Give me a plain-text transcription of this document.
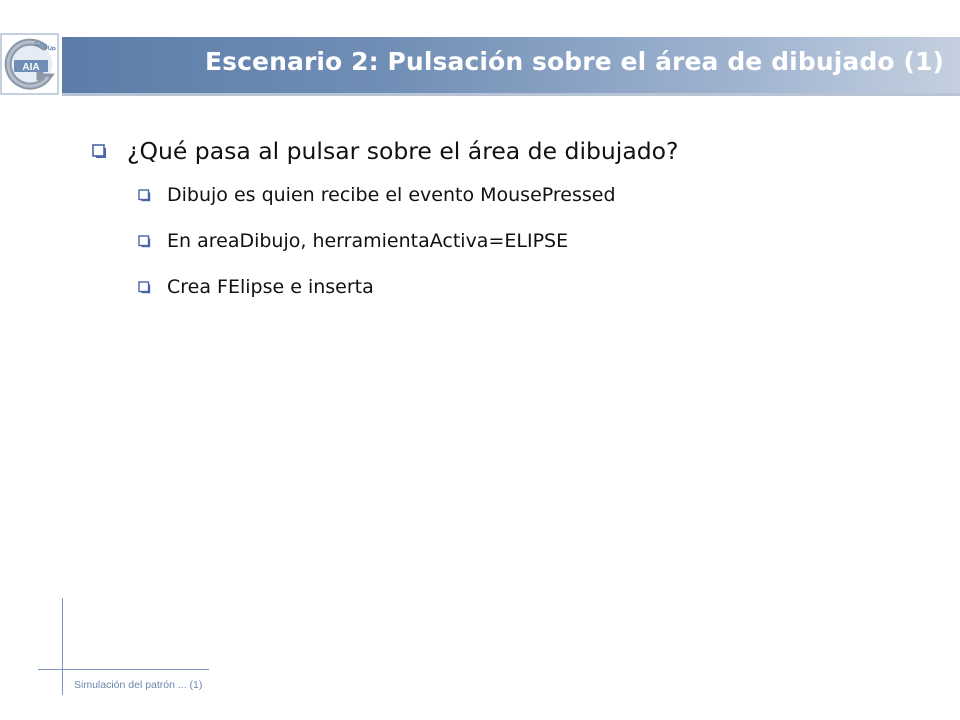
GROUP
AIA	Escenario 2: Pulsación sobre el área de dibujado (1)
¿Qué pasa al pulsar sobre el área de dibujado?
Dibujo es quien recibe el evento MousePressed
En areaDibujo, herramientaActiva=ELIPSE
Crea FElipse e inserta
Simulación del patrón ... (1)
